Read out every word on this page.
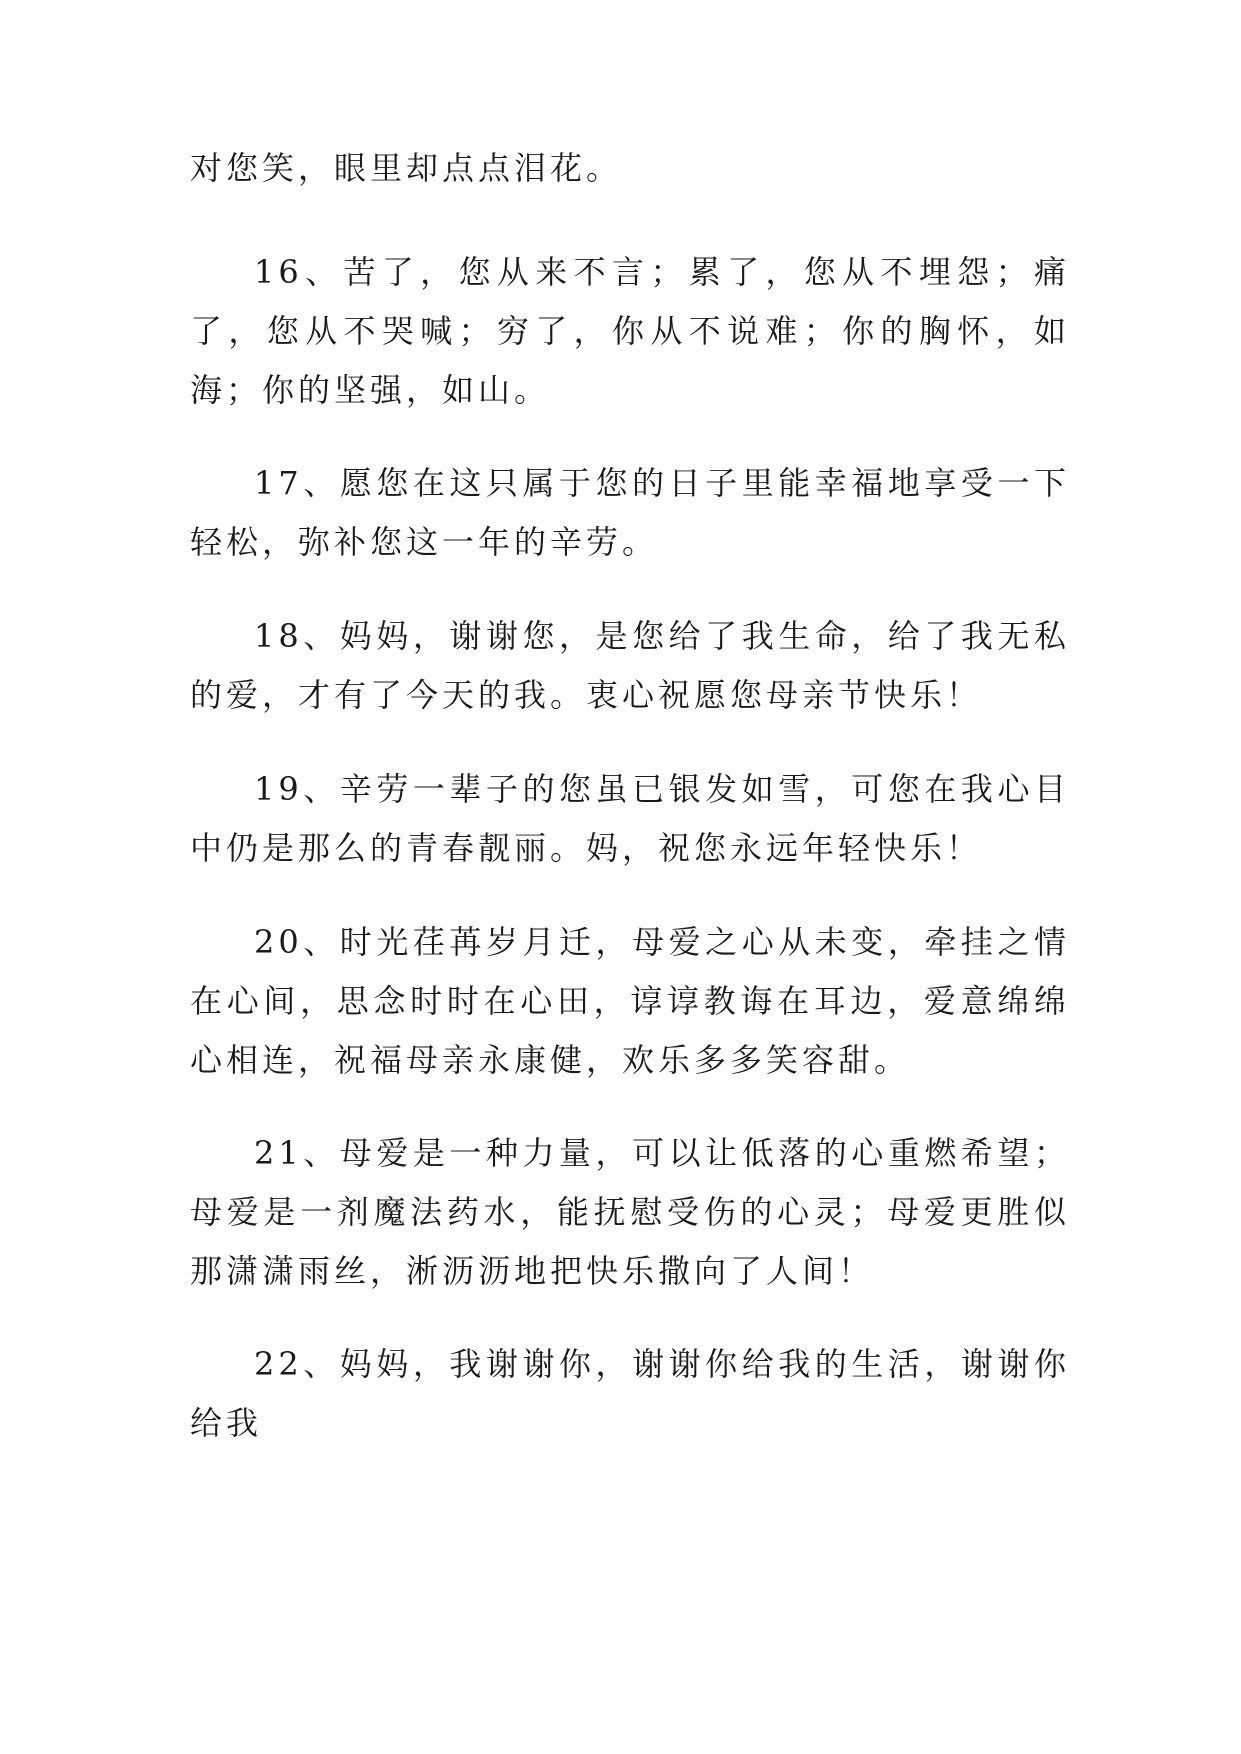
对您笑，眼里却点点泪花。

16、苦了，您从来不言；累了，您从不埋怨；痛了，您从不哭喊；穷了，你从不说难；你的胸怀，如海；你的坚强，如山。

17、愿您在这只属于您的日子里能幸福地享受一下轻松，弥补您这一年的辛劳。

18、妈妈，谢谢您，是您给了我生命，给了我无私的爱，才有了今天的我。衷心祝愿您母亲节快乐！

19、辛劳一辈子的您虽已银发如雪，可您在我心目中仍是那么的青春靓丽。妈，祝您永远年轻快乐！

20、时光荏苒岁月迁，母爱之心从未变，牵挂之情在心间，思念时时在心田，谆谆教诲在耳边，爱意绵绵心相连，祝福母亲永康健，欢乐多多笑容甜。

21、母爱是一种力量，可以让低落的心重燃希望；母爱是一剂魔法药水，能抚慰受伤的心灵；母爱更胜似那潇潇雨丝，淅沥沥地把快乐撒向了人间！

22、妈妈，我谢谢你，谢谢你给我的生活，谢谢你给我
